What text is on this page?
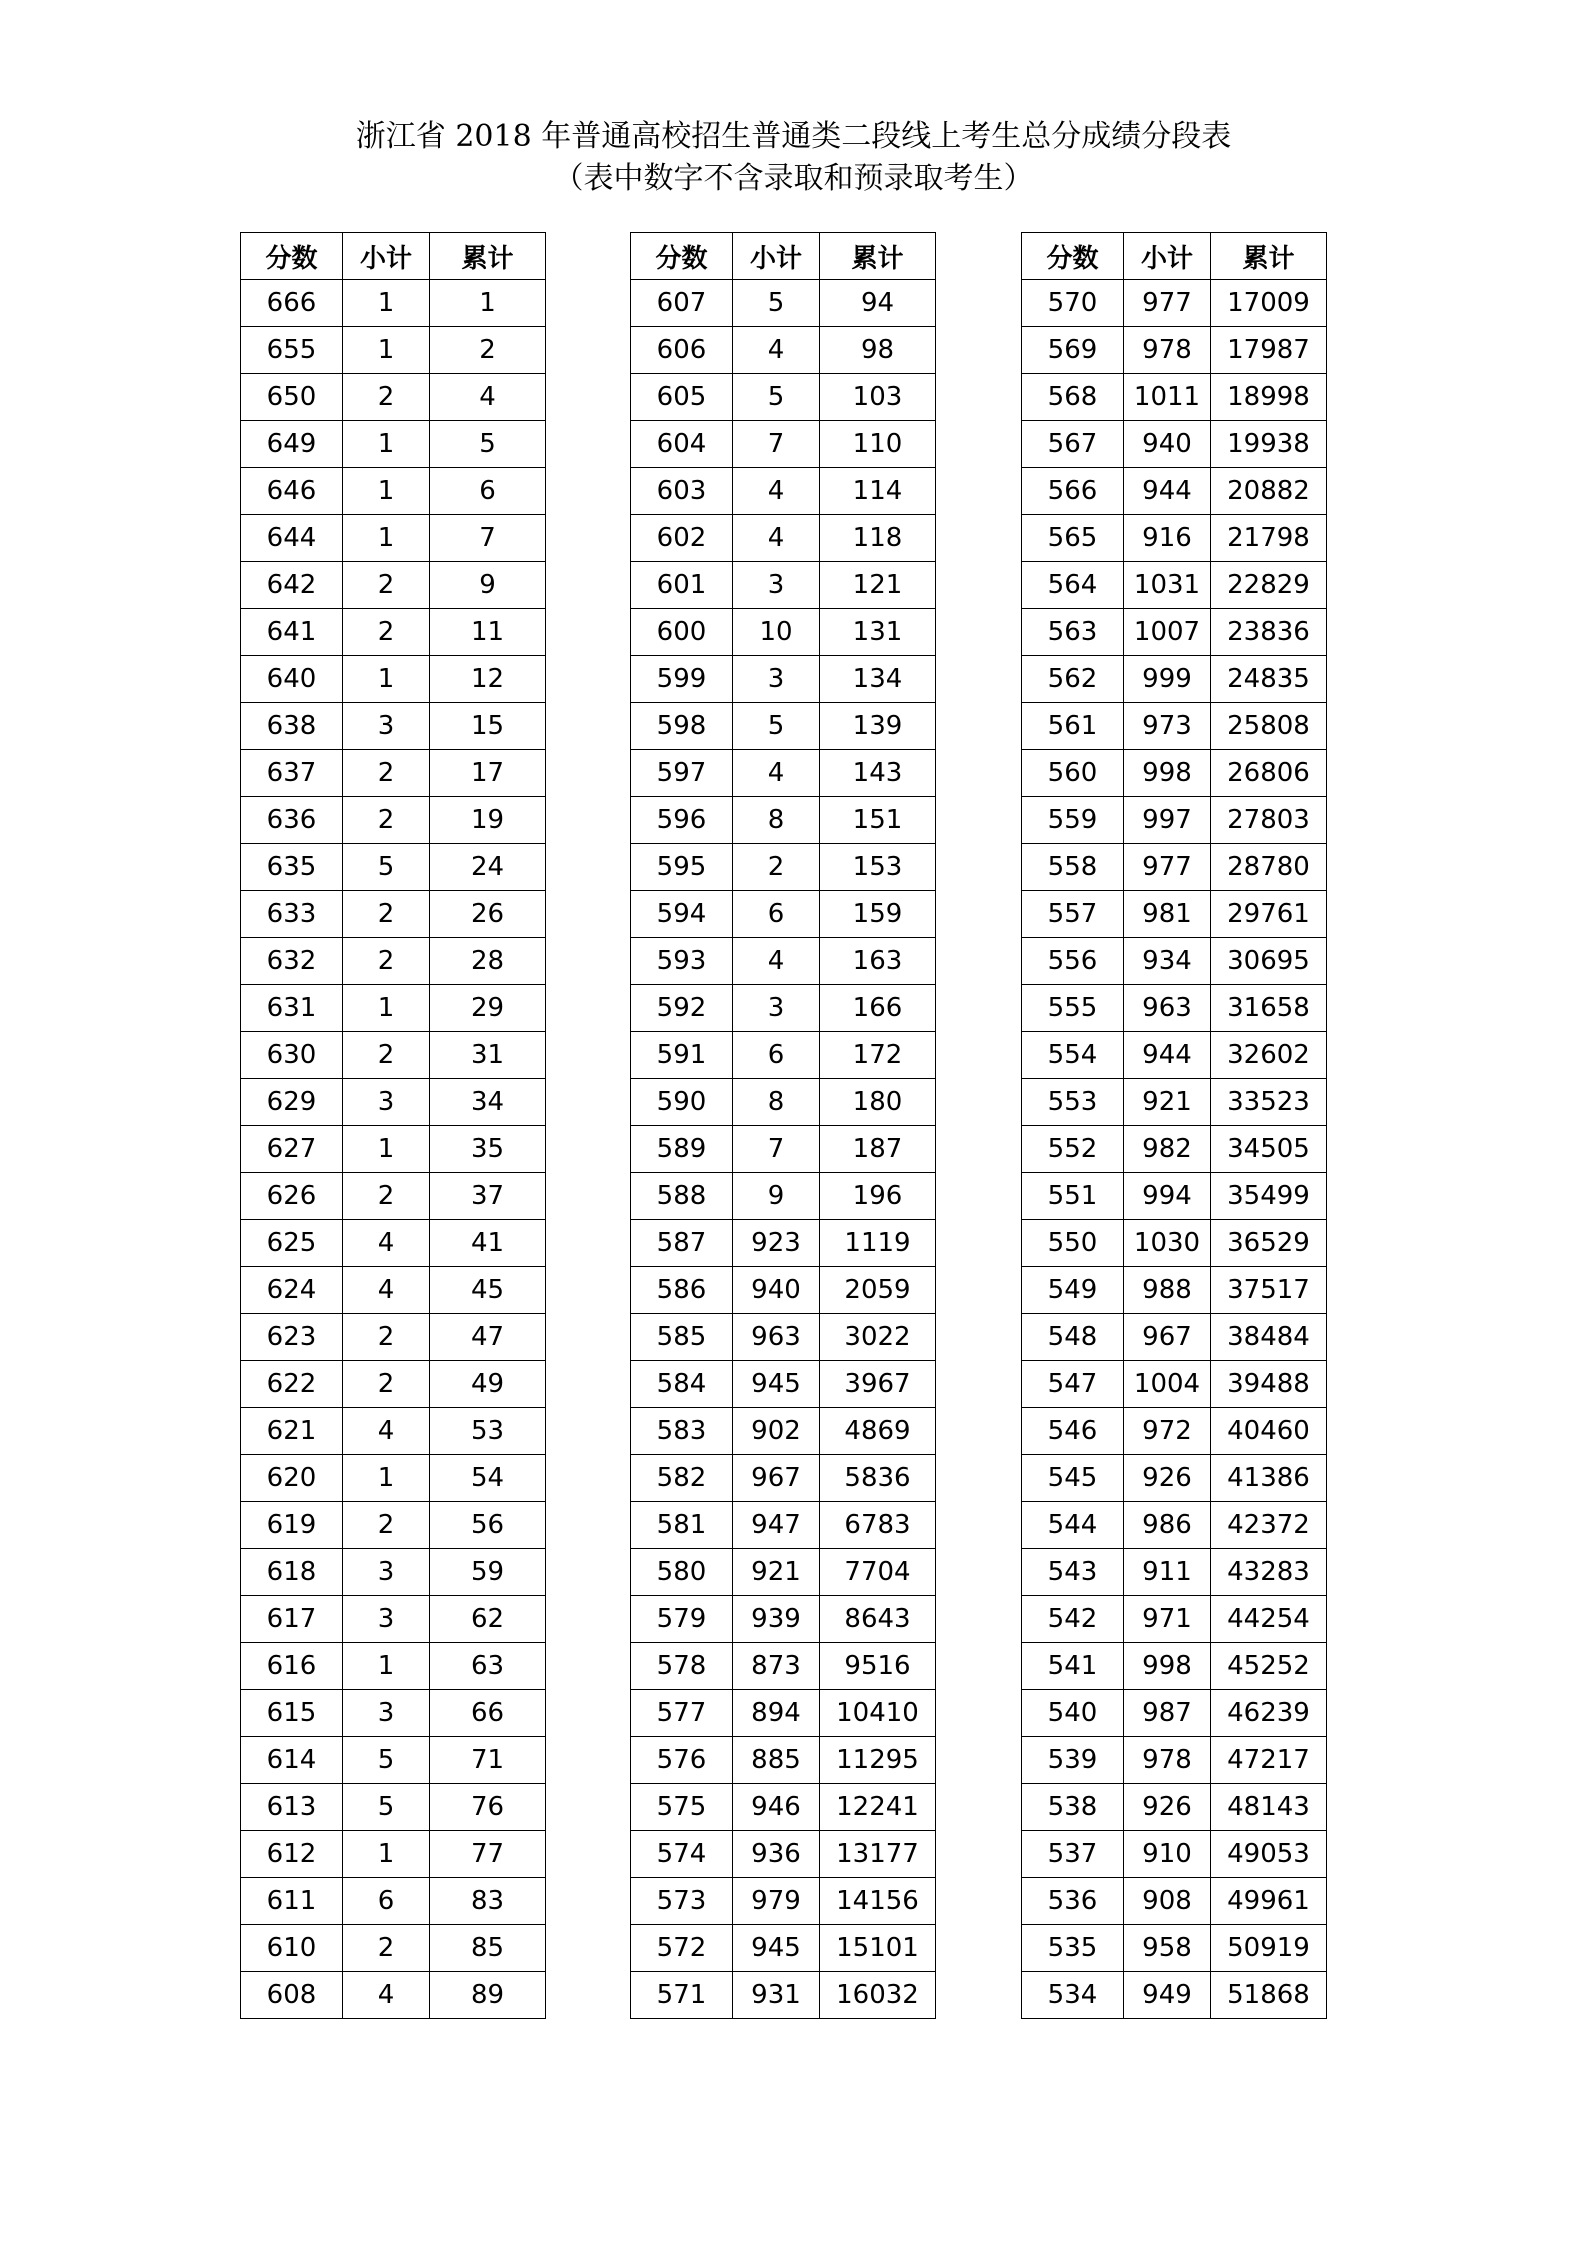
浙江省 2018 年普通高校招生普通类二段线上考生总分成绩分段表
（表中数字不含录取和预录取考生）
分数	小计	累计
666	1	1
655	1	2
650	2	4
649	1	5
646	1	6
644	1	7
642	2	9
641	2	11
640	1	12
638	3	15
637	2	17
636	2	19
635	5	24
633	2	26
632	2	28
631	1	29
630	2	31
629	3	34
627	1	35
626	2	37
625	4	41
624	4	45
623	2	47
622	2	49
621	4	53
620	1	54
619	2	56
618	3	59
617	3	62
616	1	63
615	3	66
614	5	71
613	5	76
612	1	77
611	6	83
610	2	85
608	4	89
分数	小计	累计
607	5	94
606	4	98
605	5	103
604	7	110
603	4	114
602	4	118
601	3	121
600	10	131
599	3	134
598	5	139
597	4	143
596	8	151
595	2	153
594	6	159
593	4	163
592	3	166
591	6	172
590	8	180
589	7	187
588	9	196
587	923	1119
586	940	2059
585	963	3022
584	945	3967
583	902	4869
582	967	5836
581	947	6783
580	921	7704
579	939	8643
578	873	9516
577	894	10410
576	885	11295
575	946	12241
574	936	13177
573	979	14156
572	945	15101
571	931	16032
分数	小计	累计
570	977	17009
569	978	17987
568	1011	18998
567	940	19938
566	944	20882
565	916	21798
564	1031	22829
563	1007	23836
562	999	24835
561	973	25808
560	998	26806
559	997	27803
558	977	28780
557	981	29761
556	934	30695
555	963	31658
554	944	32602
553	921	33523
552	982	34505
551	994	35499
550	1030	36529
549	988	37517
548	967	38484
547	1004	39488
546	972	40460
545	926	41386
544	986	42372
543	911	43283
542	971	44254
541	998	45252
540	987	46239
539	978	47217
538	926	48143
537	910	49053
536	908	49961
535	958	50919
534	949	51868
